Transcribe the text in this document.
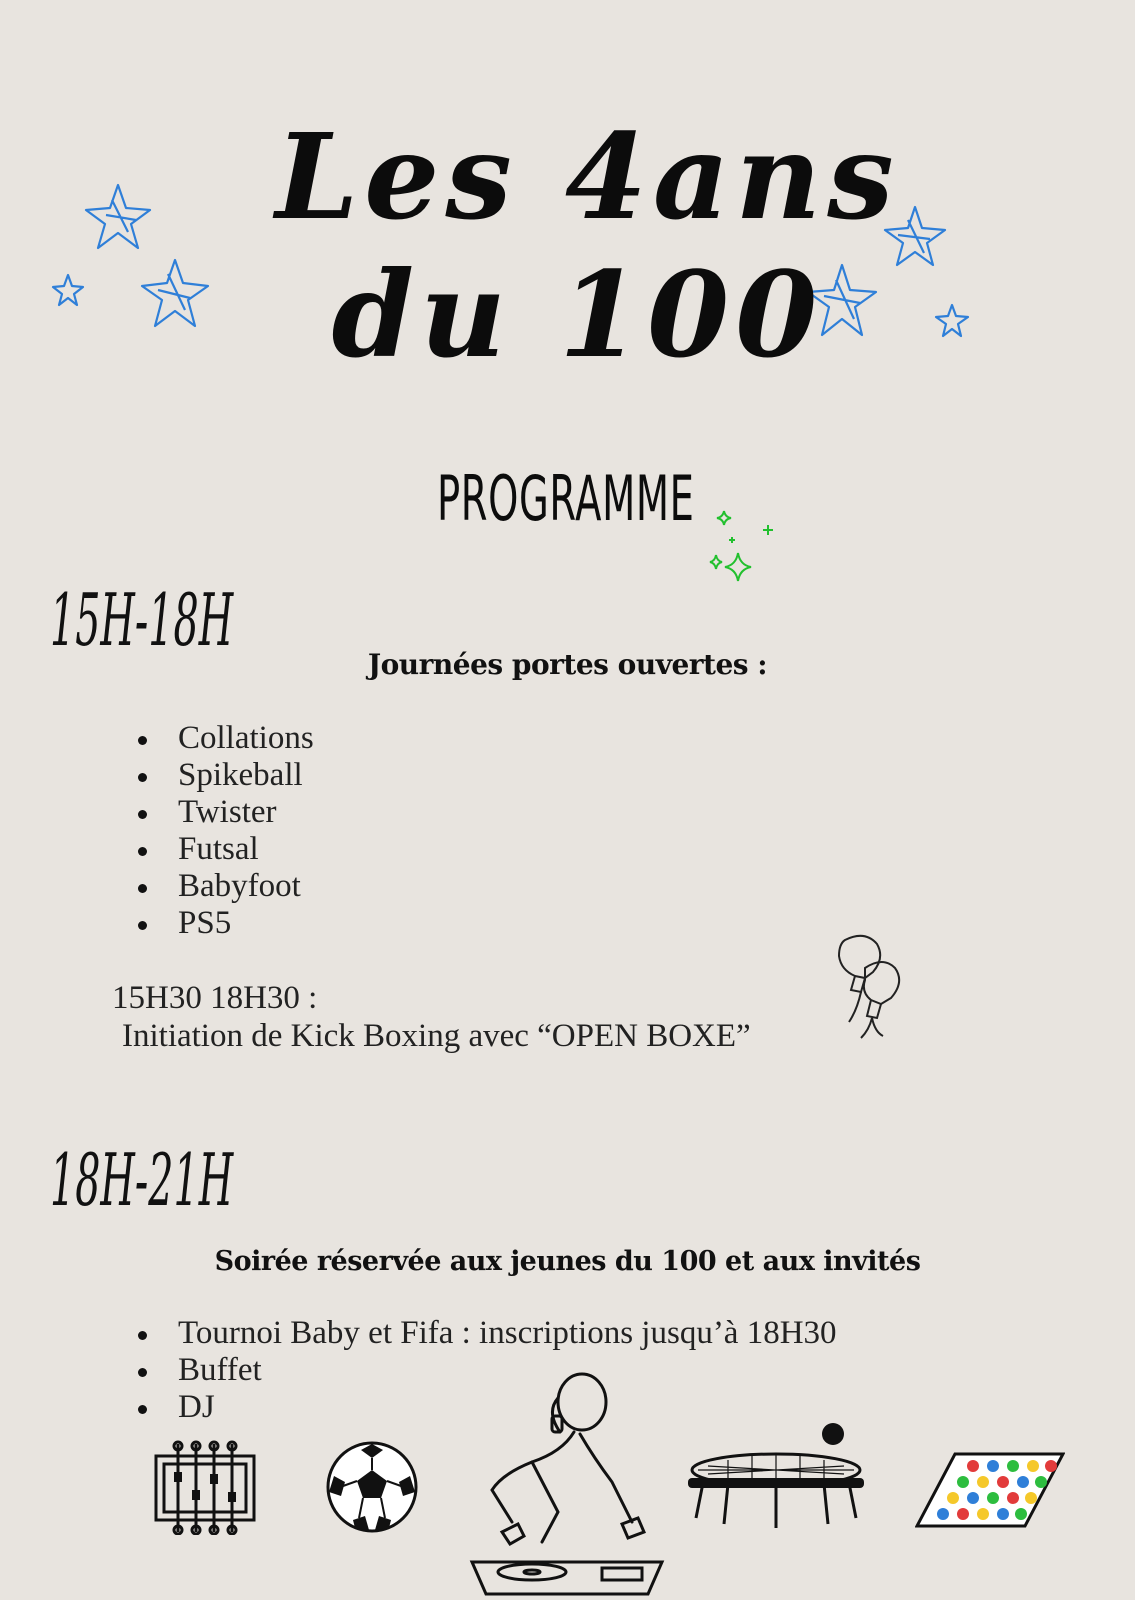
Les 4ans
du 100
PROGRAMME
15H-18H
Journées portes ouvertes :
Collations
Spikeball
Twister
Futsal
Babyfoot
PS5
15H30 18H30 :
Initiation de Kick Boxing avec “OPEN BOXE”
18H-21H
Soirée réservée aux jeunes du 100 et aux invités
Tournoi Baby et Fifa : inscriptions jusqu’à 18H30
Buffet
DJ
